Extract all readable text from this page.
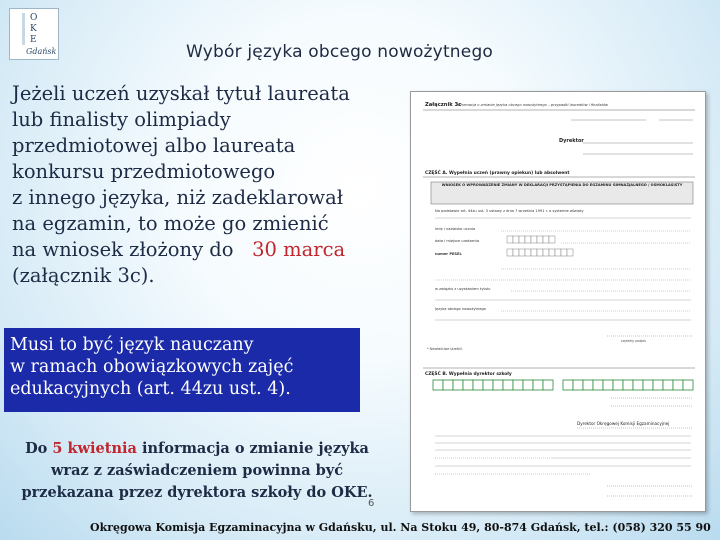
O
K
E
Gdańsk	Wybór języka obcego nowożytnego
Jeżeli uczeń uzyskał tytuł laureata
lub finalisty olimpiady
przedmiotowej albo laureata
konkursu przedmiotowego
z innego języka, niż zadeklarował
na egzamin, to może go zmienić
na wniosek złożony do 30 marca
(załącznik 3c).
Musi to być język nauczany
w ramach obowiązkowych zajęć
edukacyjnych (art. 44zu ust. 4).
Do 5 kwietnia informacja o zmianie języka
wraz z zaświadczeniem powinna być
przekazana przez dyrektora szkoły do OKE.
6
Okręgowa Komisja Egzaminacyjna w Gdańsku, ul. Na Stoku 49, 80-874 Gdańsk, tel.: (058) 320 55 90
Załącznik 3c
Informacja o zmianie języka obcego nowożytnego – przypadki laureatów i finalistów
Dyrektor
CZĘŚĆ A. Wypełnia uczeń (prawny opiekun) lub absolwent
WNIOSEK O WPROWADZENIE ZMIANY W DEKLARACJI PRZYSTĄPIENIA DO EGZAMINU GIMNAZJALNEGO / ÓSMOKLASISTY
Na podstawie art. 44zu ust. 3 ustawy z dnia 7 września 1991 r. o systemie oświaty
imię i nazwisko ucznia
data i miejsce urodzenia
numer PESEL
w związku z uzyskaniem tytułu
języka obcego nowożytnego
czytelny podpis
* Niewłaściwe skreślić.
CZĘŚĆ B. Wypełnia dyrektor szkoły
Dyrektor Okręgowej Komisji Egzaminacyjnej
